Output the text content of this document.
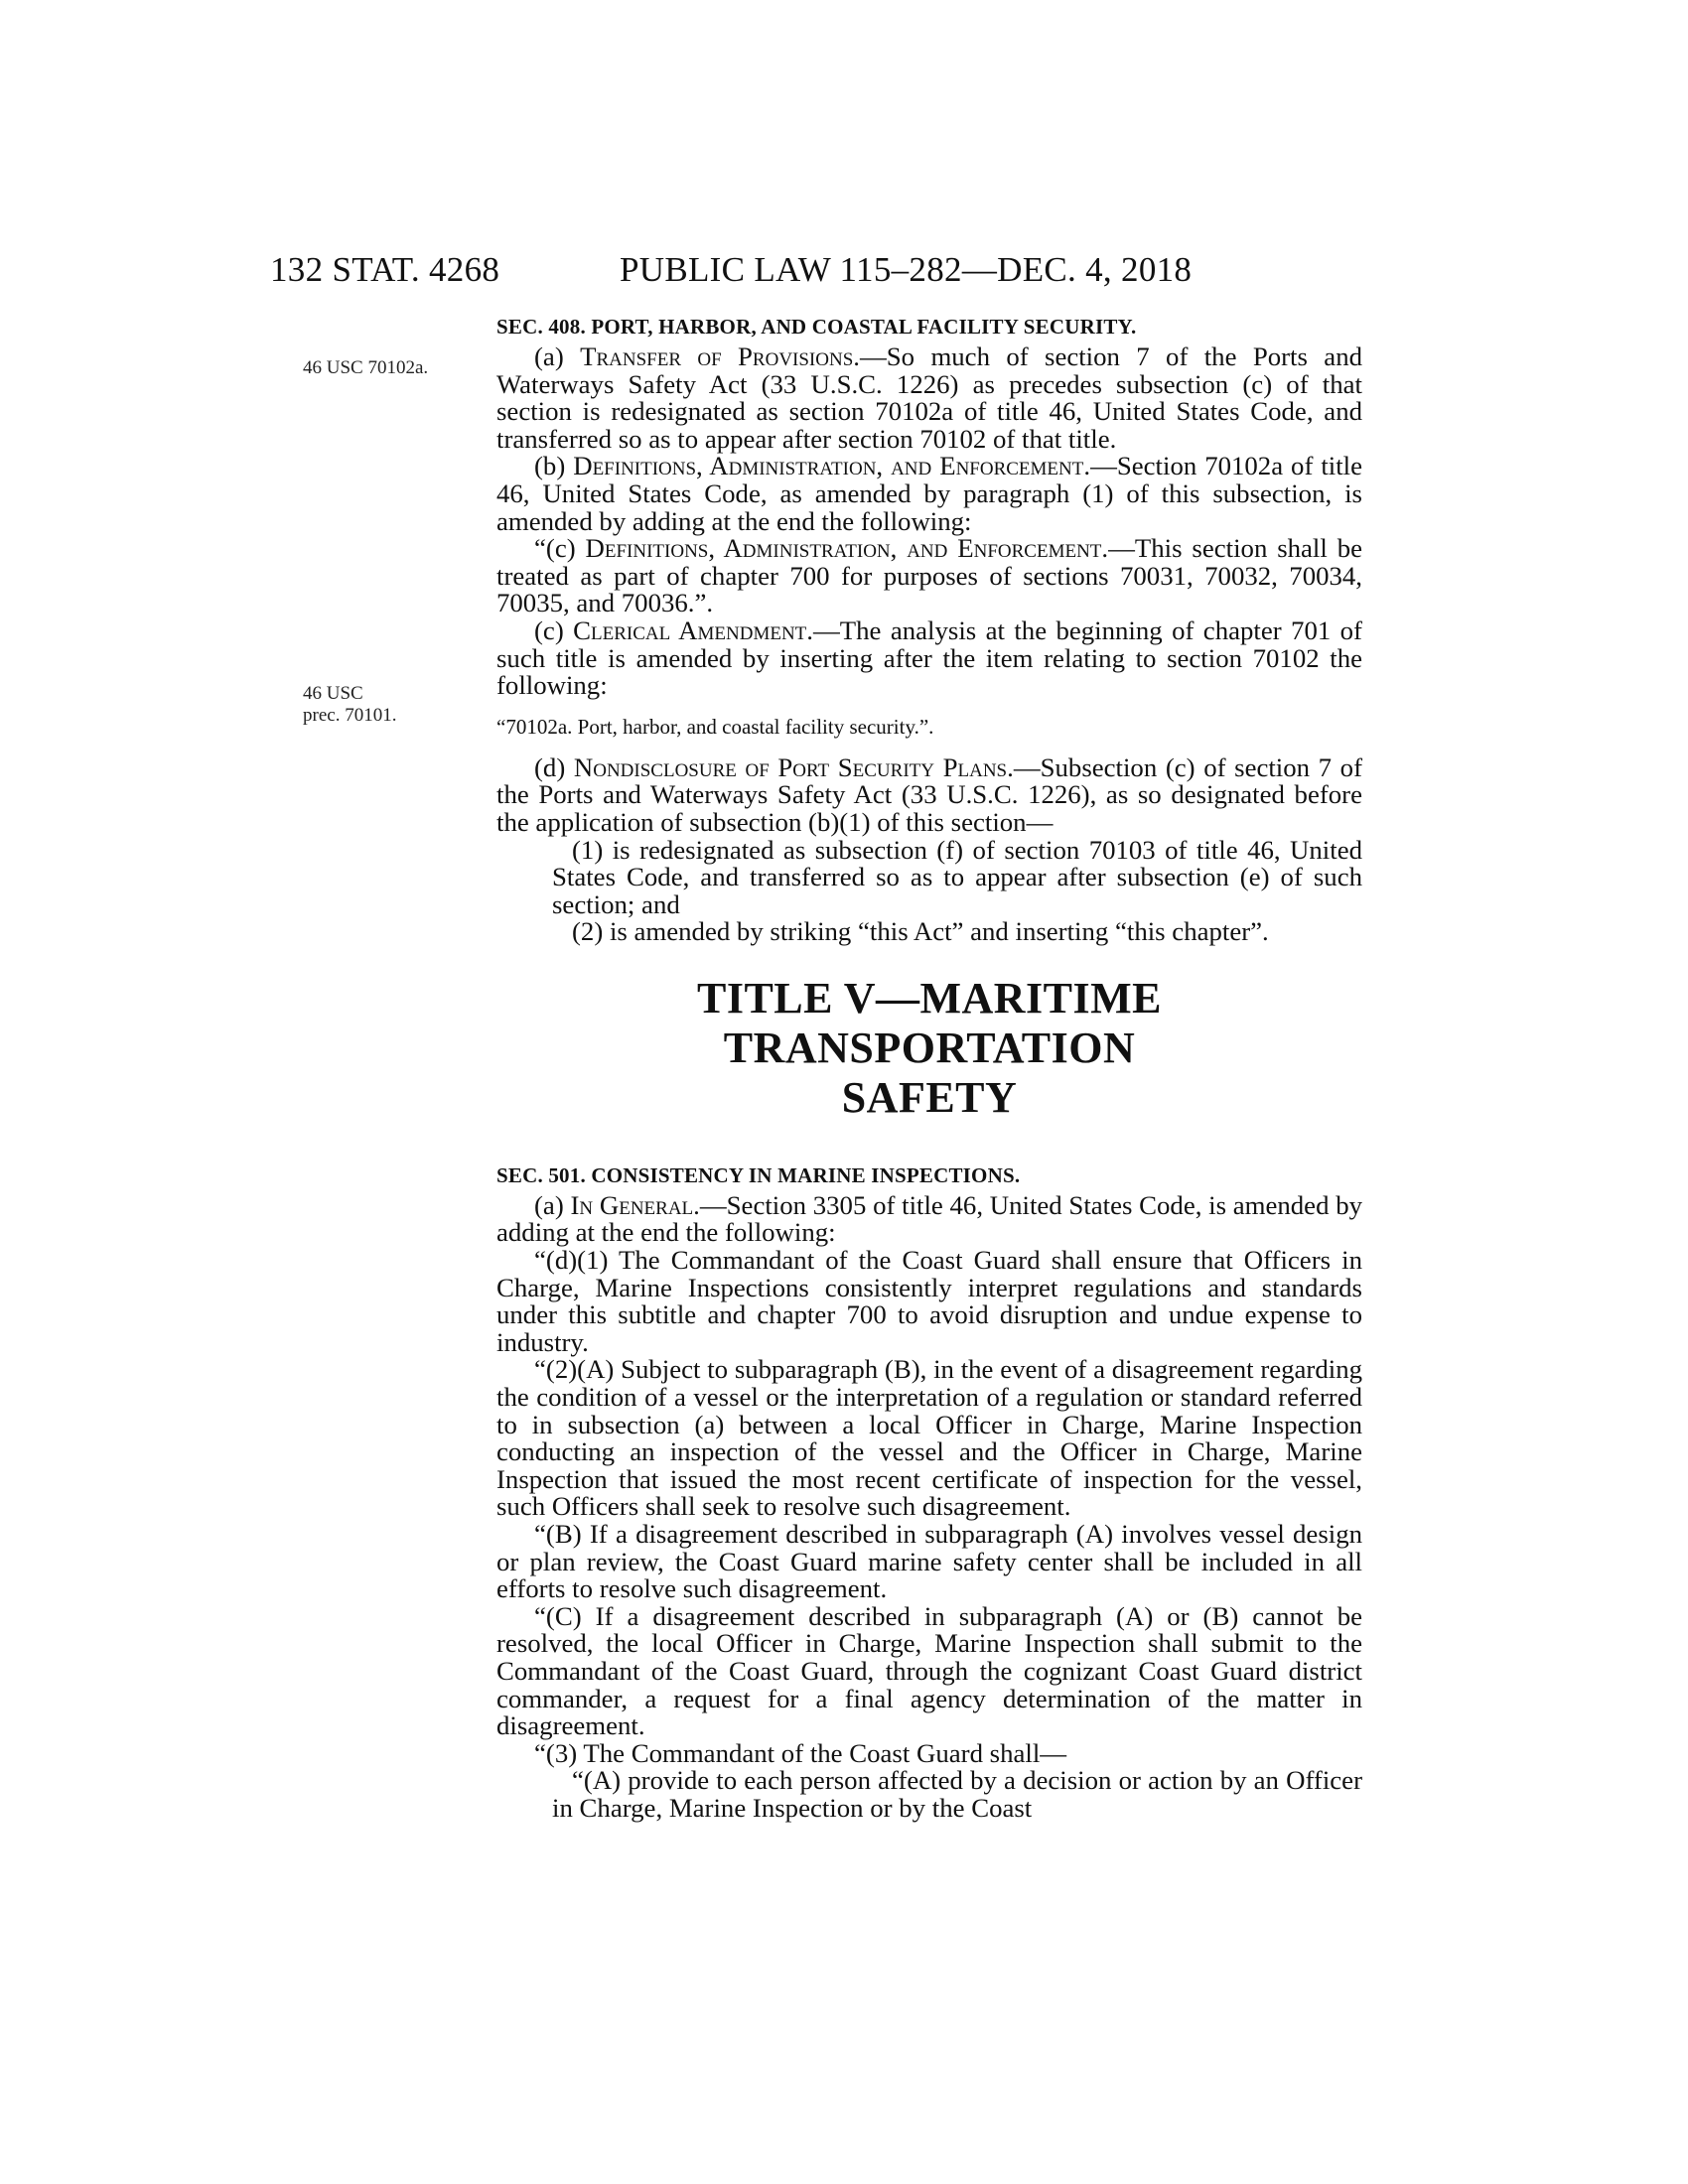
132 STAT. 4268	PUBLIC LAW 115–282—DEC. 4, 2018
46 USC 70102a.
46 USC
prec. 70101.
SEC. 408. PORT, HARBOR, AND COASTAL FACILITY SECURITY.

(a) Transfer of Provisions.—So much of section 7 of the Ports and Waterways Safety Act (33 U.S.C. 1226) as precedes subsection (c) of that section is redesignated as section 70102a of title 46, United States Code, and transferred so as to appear after section 70102 of that title.

(b) Definitions, Administration, and Enforcement.—Section 70102a of title 46, United States Code, as amended by paragraph (1) of this subsection, is amended by adding at the end the following:

“(c) Definitions, Administration, and Enforcement.—This section shall be treated as part of chapter 700 for purposes of sections 70031, 70032, 70034, 70035, and 70036.”.

(c) Clerical Amendment.—The analysis at the beginning of chapter 701 of such title is amended by inserting after the item relating to section 70102 the following:

“70102a. Port, harbor, and coastal facility security.”.

(d) Nondisclosure of Port Security Plans.—Subsection (c) of section 7 of the Ports and Waterways Safety Act (33 U.S.C. 1226), as so designated before the application of subsection (b)(1) of this section—

(1) is redesignated as subsection (f) of section 70103 of title 46, United States Code, and transferred so as to appear after subsection (e) of such section; and

(2) is amended by striking “this Act” and inserting “this chapter”.

TITLE V—MARITIME TRANSPORTATION
SAFETY
SEC. 501. CONSISTENCY IN MARINE INSPECTIONS.

(a) In General.—Section 3305 of title 46, United States Code, is amended by adding at the end the following:

“(d)(1) The Commandant of the Coast Guard shall ensure that Officers in Charge, Marine Inspections consistently interpret regulations and standards under this subtitle and chapter 700 to avoid disruption and undue expense to industry.

“(2)(A) Subject to subparagraph (B), in the event of a disagreement regarding the condition of a vessel or the interpretation of a regulation or standard referred to in subsection (a) between a local Officer in Charge, Marine Inspection conducting an inspection of the vessel and the Officer in Charge, Marine Inspection that issued the most recent certificate of inspection for the vessel, such Officers shall seek to resolve such disagreement.

“(B) If a disagreement described in subparagraph (A) involves vessel design or plan review, the Coast Guard marine safety center shall be included in all efforts to resolve such disagreement.

“(C) If a disagreement described in subparagraph (A) or (B) cannot be resolved, the local Officer in Charge, Marine Inspection shall submit to the Commandant of the Coast Guard, through the cognizant Coast Guard district commander, a request for a final agency determination of the matter in disagreement.

“(3) The Commandant of the Coast Guard shall—

“(A) provide to each person affected by a decision or action by an Officer in Charge, Marine Inspection or by the Coast
